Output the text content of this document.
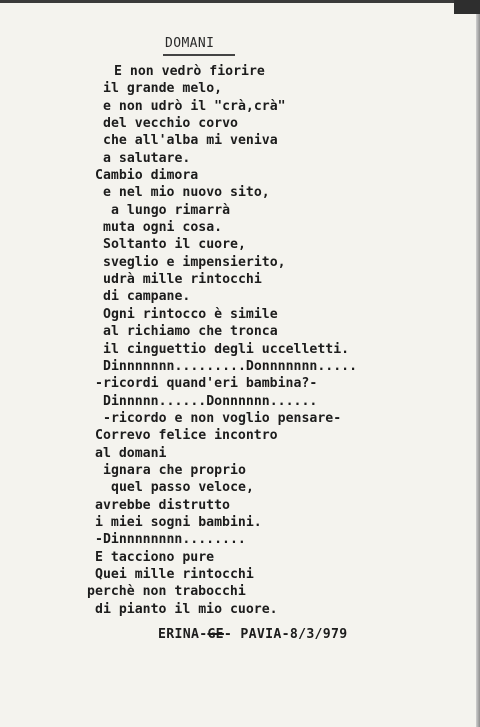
DOMANI
E non vedrò fiorire
il grande melo,
e non udrò il "crà,crà"
del vecchio corvo
che all'alba mi veniva
a salutare.
Cambio dimora
e nel mio nuovo sito,
a lungo rimarrà
muta ogni cosa.
Soltanto il cuore,
sveglio e impensierito,
udrà mille rintocchi
di campane.
Ogni rintocco è simile
al richiamo che tronca
il cinguettio degli uccelletti.
Dinnnnnnn.........Donnnnnnn.....
-ricordi quand'eri bambina?-
Dinnnnn......Donnnnnn......
-ricordo e non voglio pensare-
Correvo felice incontro
al domani
ignara che proprio
quel passo veloce,
avrebbe distrutto
i miei sogni bambini.
-Dinnnnnnnn........
E tacciono pure
Quei mille rintocchi
perchè non trabocchi
di pianto il mio cuore.
ERINA-GE- PAVIA-8/3/979
